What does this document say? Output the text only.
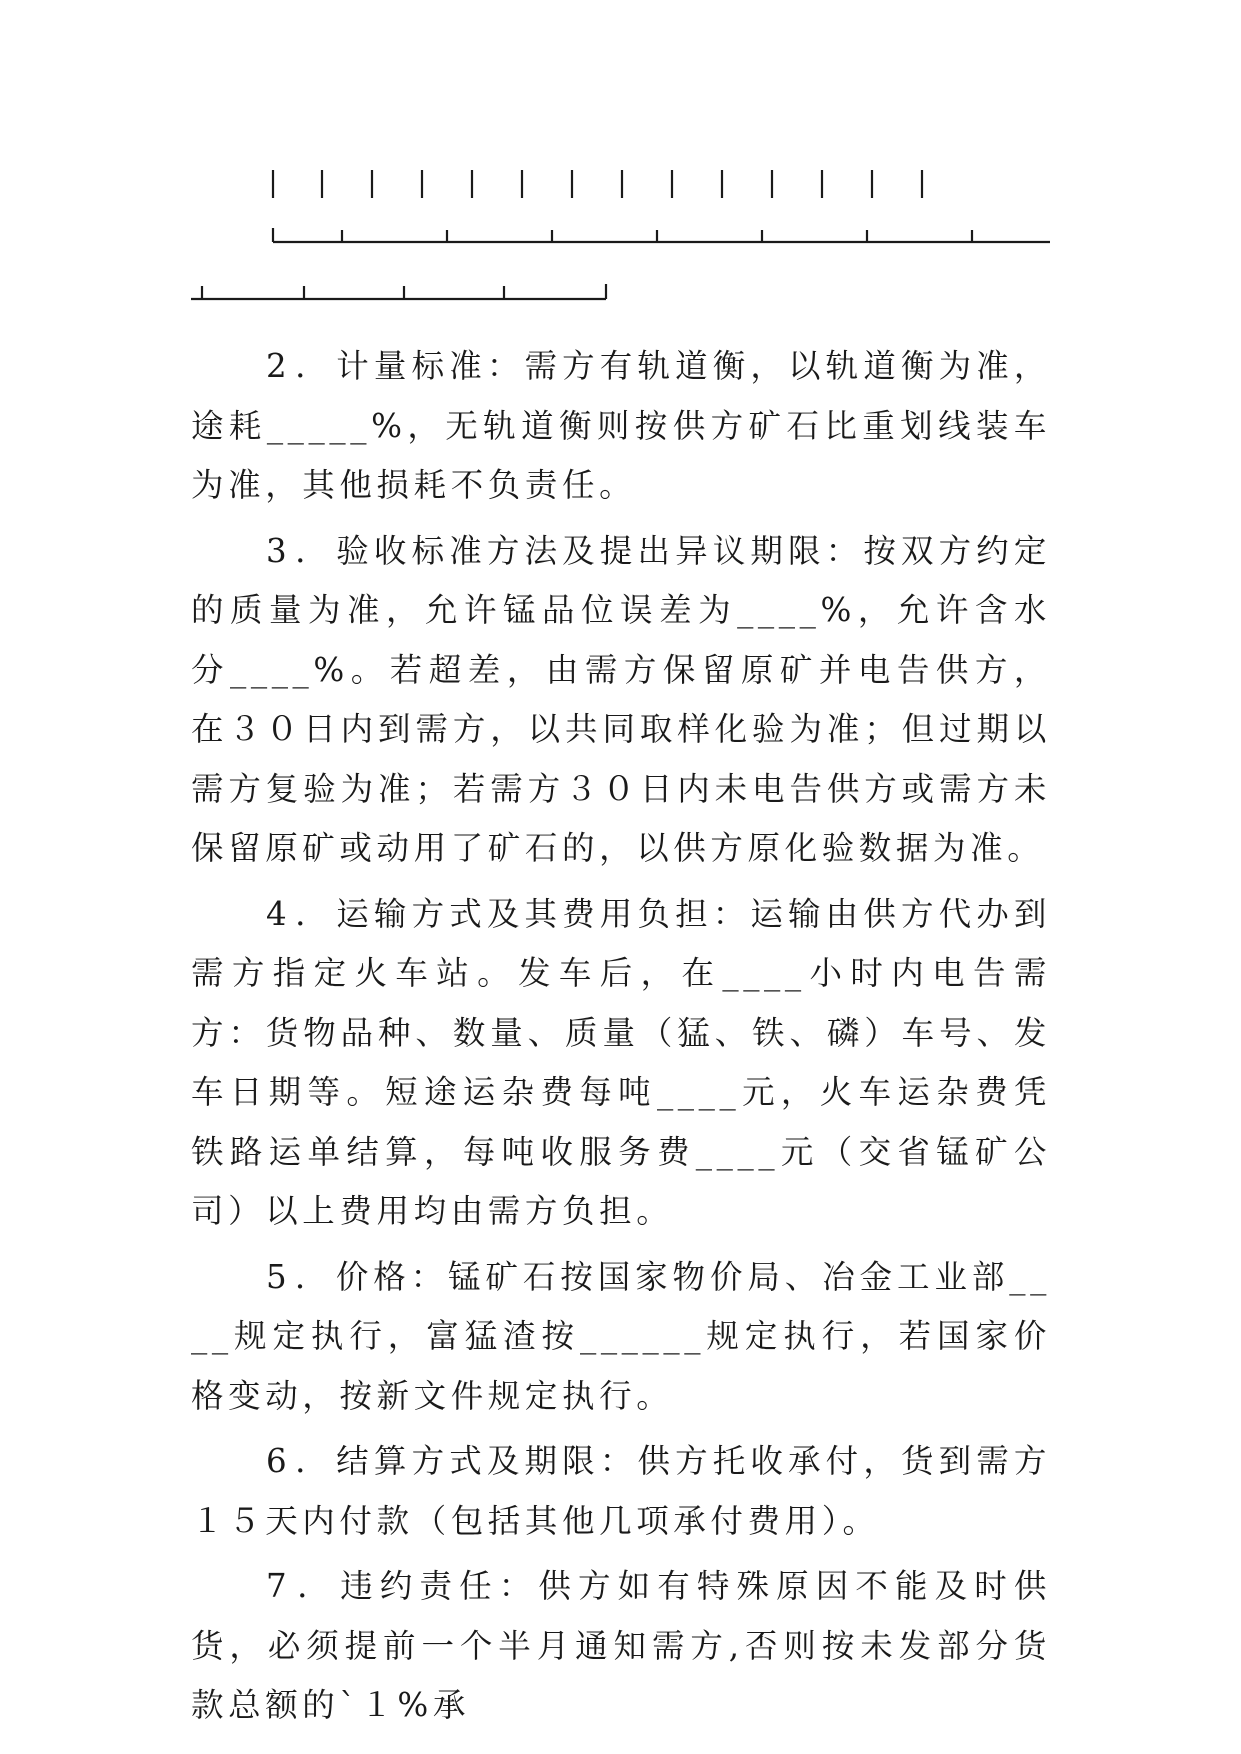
2．计量标准：需方有轨道衡，以轨道衡为准，途耗_____%，无轨道衡则按供方矿石比重划线装车为准，其他损耗不负责任。

3．验收标准方法及提出异议期限：按双方约定的质量为准，允许锰品位误差为____%，允许含水分____%。若超差，由需方保留原矿并电告供方，在３０日内到需方，以共同取样化验为准；但过期以需方复验为准；若需方３０日内未电告供方或需方未保留原矿或动用了矿石的，以供方原化验数据为准。

4．运输方式及其费用负担：运输由供方代办到需方指定火车站。发车后，在____小时内电告需方：货物品种、数量、质量（猛、铁、磷）车号、发车日期等。短途运杂费每吨____元，火车运杂费凭铁路运单结算，每吨收服务费____元（交省锰矿公司）以上费用均由需方负担。

5．价格：锰矿石按国家物价局、冶金工业部____规定执行，富猛渣按______规定执行，若国家价格变动，按新文件规定执行。

6．结算方式及期限：供方托收承付，货到需方１５天内付款（包括其他几项承付费用）。

7．违约责任：供方如有特殊原因不能及时供货，必须提前一个半月通知需方,否则按未发部分货款总额的`１%承
